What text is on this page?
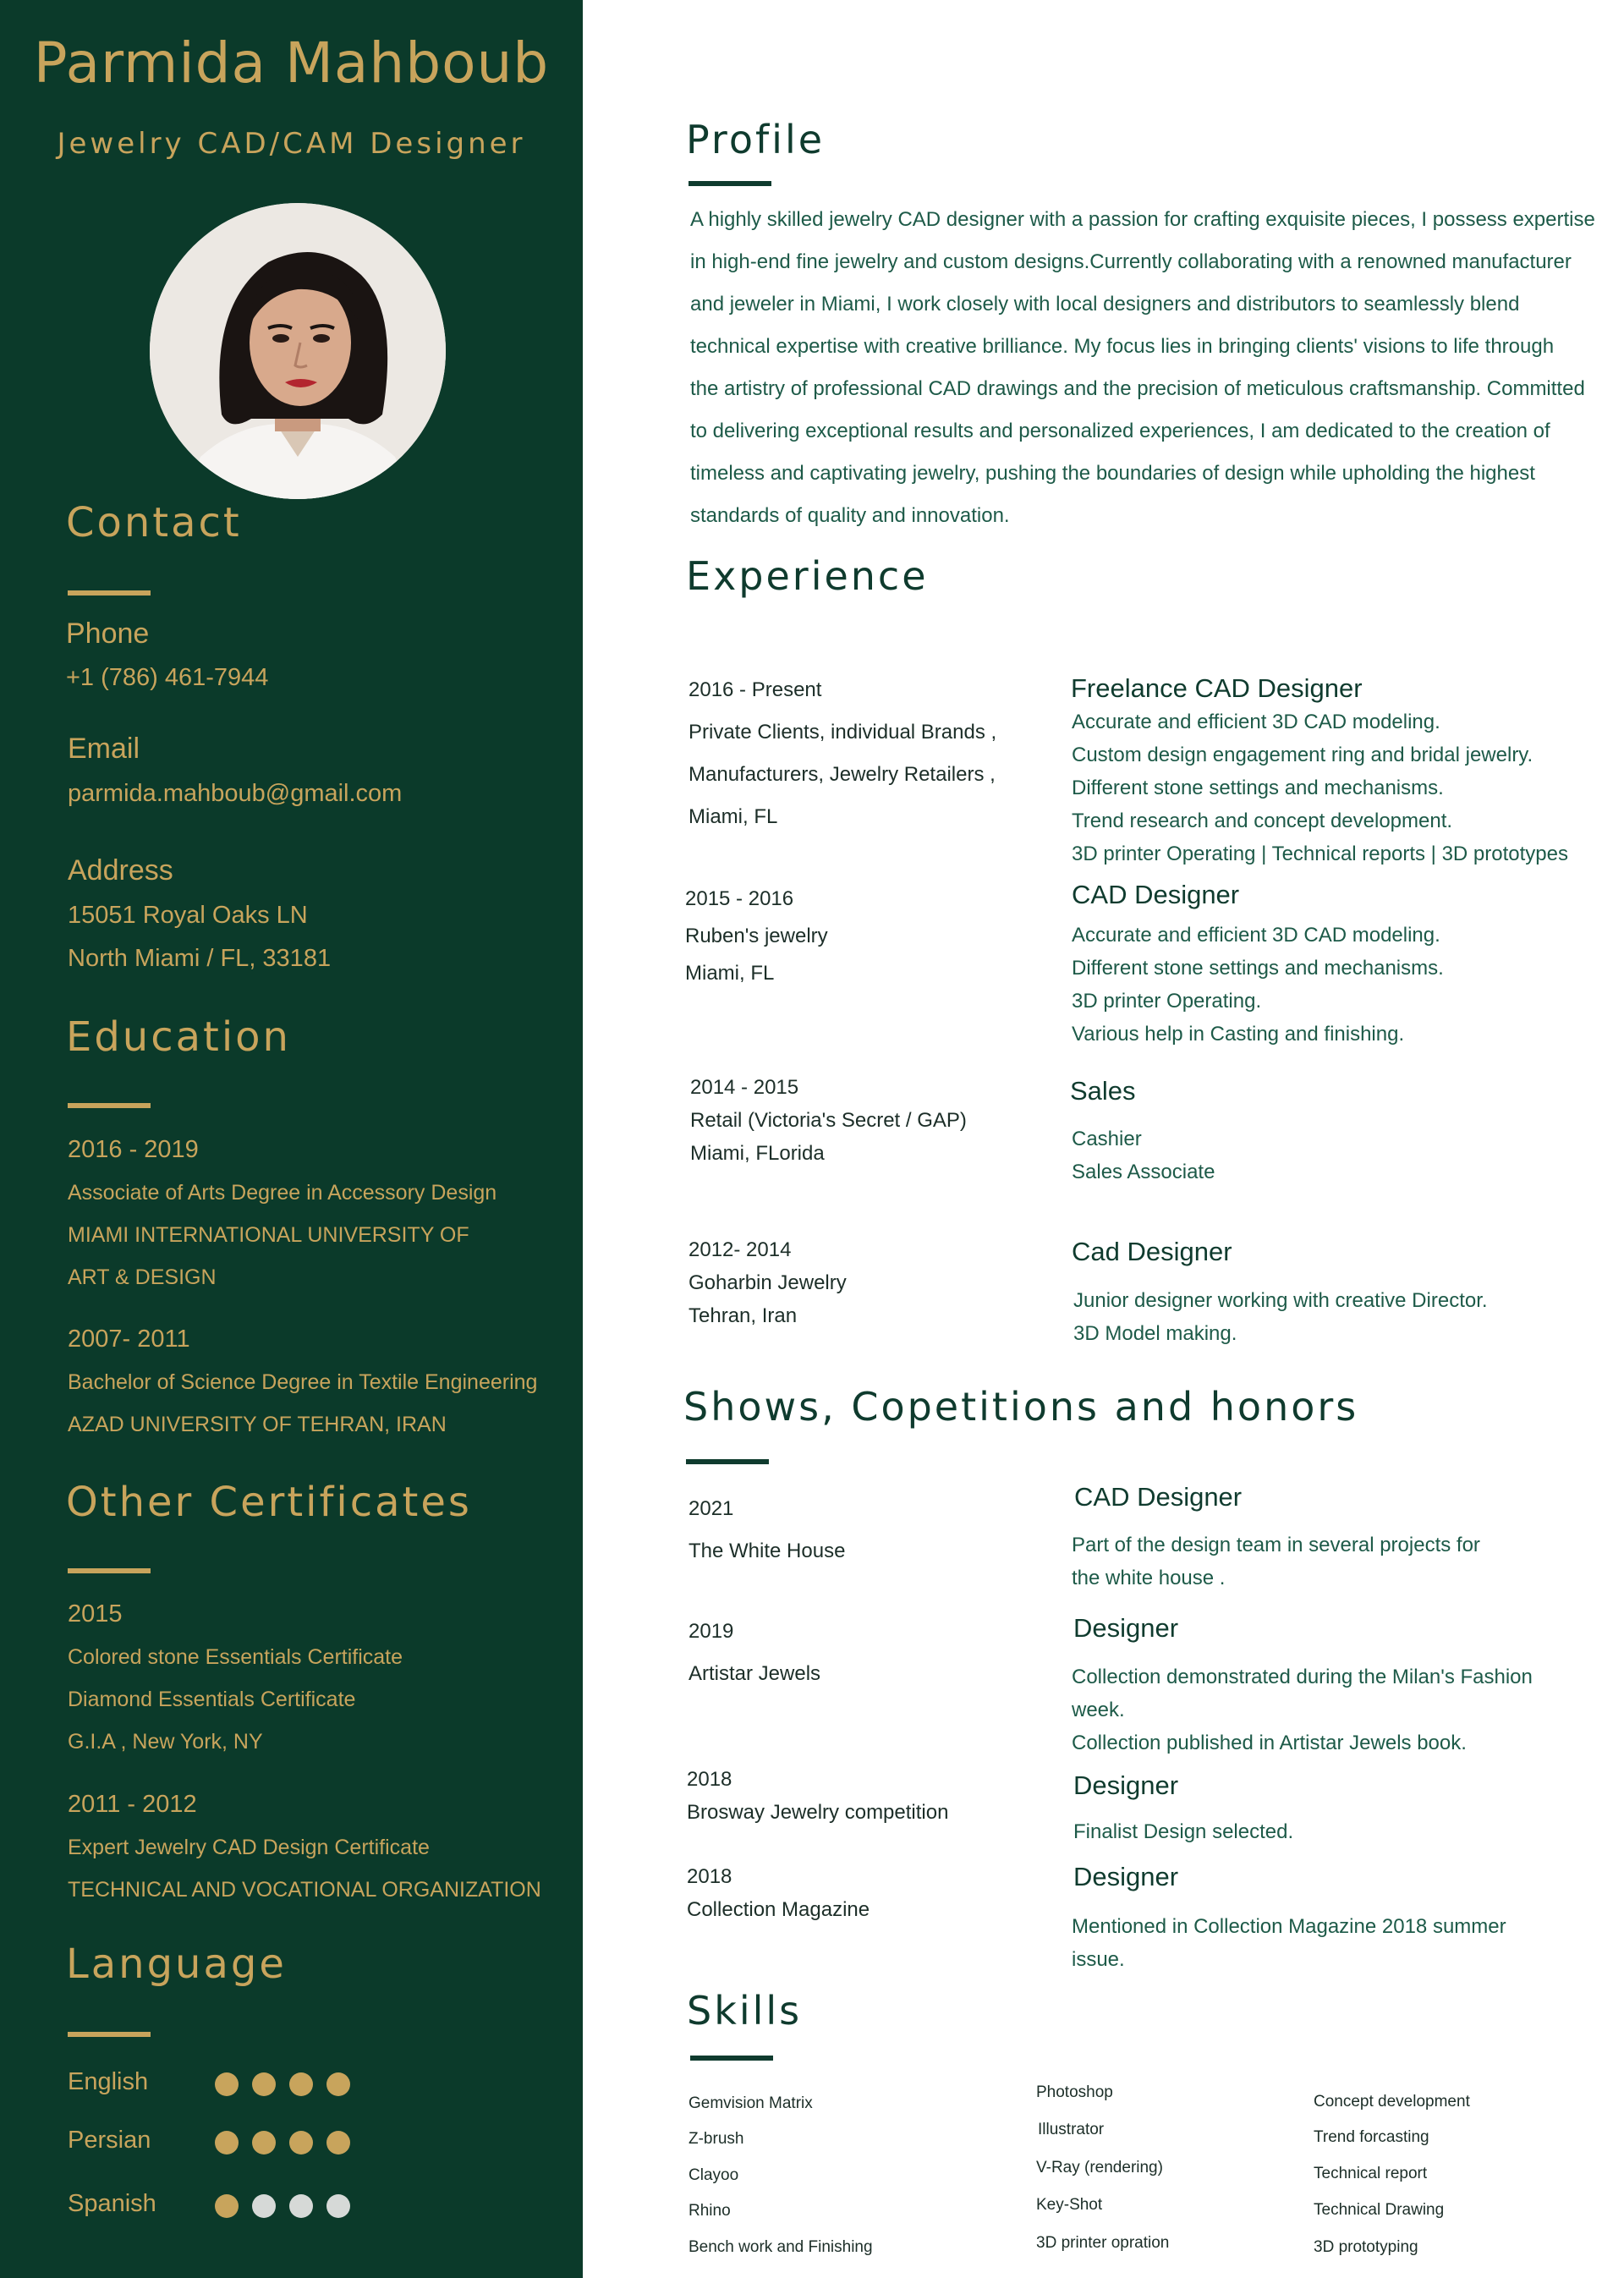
Parmida Mahboub
Jewelry CAD/CAM Designer
Contact
Phone
+1 (786) 461-7944
Email
parmida.mahboub@gmail.com
Address
15051 Royal Oaks LN
North Miami / FL, 33181
Education
2016 - 2019
Associate of Arts Degree in Accessory Design
MIAMI INTERNATIONAL UNIVERSITY OF
ART & DESIGN
2007- 2011
Bachelor of Science Degree in Textile Engineering
AZAD UNIVERSITY OF TEHRAN, IRAN
Other Certificates
2015
Colored stone Essentials Certificate
Diamond Essentials Certificate
G.I.A , New York, NY
2011 - 2012
Expert Jewelry CAD Design Certificate
TECHNICAL AND VOCATIONAL ORGANIZATION
Language
English
Persian
Spanish
Profile
A highly skilled jewelry CAD designer with a passion for crafting exquisite pieces, I possess expertise
in high-end fine jewelry and custom designs.Currently collaborating with a renowned manufacturer
and jeweler in Miami, I work closely with local designers and distributors to seamlessly blend
technical expertise with creative brilliance. My focus lies in bringing clients' visions to life through
the artistry of professional CAD drawings and the precision of meticulous craftsmanship. Committed
to delivering exceptional results and personalized experiences, I am dedicated to the creation of
timeless and captivating jewelry, pushing the boundaries of design while upholding the highest
standards of quality and innovation.
Experience
2016 - Present
Private Clients, individual Brands ,
Manufacturers, Jewelry Retailers ,
Miami, FL
Freelance CAD Designer
Accurate and efficient 3D CAD modeling.
Custom design engagement ring and bridal jewelry.
Different stone settings and mechanisms.
Trend research and concept development.
3D printer Operating | Technical reports | 3D prototypes
2015 - 2016
Ruben's jewelry
Miami, FL
CAD Designer
Accurate and efficient 3D CAD modeling.
Different stone settings and mechanisms.
3D printer Operating.
Various help in Casting and finishing.
2014 - 2015
Retail (Victoria's Secret / GAP)
Miami, FLorida
Sales
Cashier
Sales Associate
2012- 2014
Goharbin Jewelry
Tehran, Iran
Cad Designer
Junior designer working with creative Director.
3D Model making.
Shows, Copetitions and honors
2021
The White House
CAD Designer
Part of the design team in several projects for
the white house .
2019
Artistar Jewels
Designer
Collection demonstrated during the Milan's Fashion
week.
Collection published in Artistar Jewels book.
2018
Brosway Jewelry competition
Designer
Finalist Design selected.
2018
Collection Magazine
Designer
Mentioned in Collection Magazine 2018 summer
issue.
Skills
Gemvision Matrix
Z-brush
Clayoo
Rhino
Bench work and Finishing
Photoshop
Illustrator
V-Ray (rendering)
Key-Shot
3D printer opration
Concept development
Trend forcasting
Technical report
Technical Drawing
3D prototyping
